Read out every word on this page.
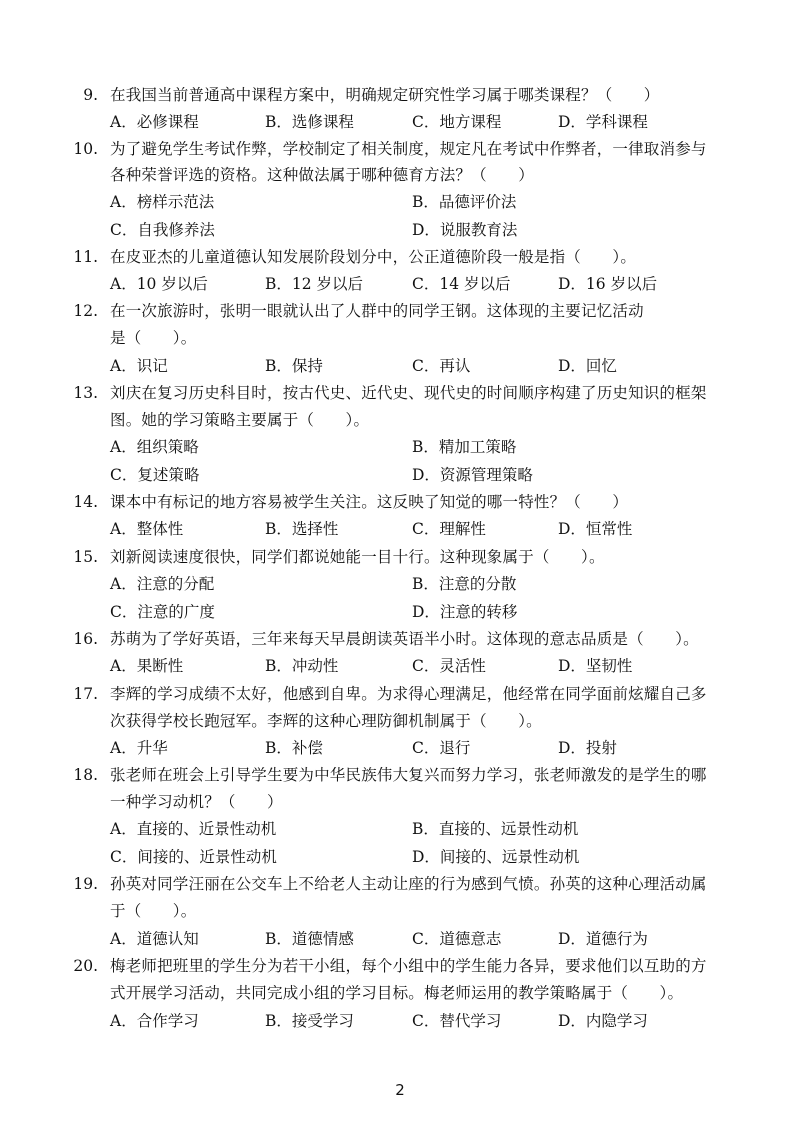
9. 在我国当前普通高中课程方案中，明确规定研究性学习属于哪类课程？（　　）
A．必修课程	B．选修课程	C．地方课程	D．学科课程
10. 为了避免学生考试作弊，学校制定了相关制度，规定凡在考试中作弊者，一律取消参与
各种荣誉评选的资格。这种做法属于哪种德育方法？（　　）
A．榜样示范法	B．品德评价法
C．自我修养法	D．说服教育法
11. 在皮亚杰的儿童道德认知发展阶段划分中，公正道德阶段一般是指（　　）。
A．10 岁以后	B．12 岁以后	C．14 岁以后	D．16 岁以后
12. 在一次旅游时，张明一眼就认出了人群中的同学王钢。这体现的主要记忆活动
是（　　）。
A．识记	B．保持	C．再认	D．回忆
13. 刘庆在复习历史科目时，按古代史、近代史、现代史的时间顺序构建了历史知识的框架
图。她的学习策略主要属于（　　）。
A．组织策略	B．精加工策略
C．复述策略	D．资源管理策略
14. 课本中有标记的地方容易被学生关注。这反映了知觉的哪一特性？（　　）
A．整体性	B．选择性	C．理解性	D．恒常性
15. 刘新阅读速度很快，同学们都说她能一目十行。这种现象属于（　　）。
A．注意的分配	B．注意的分散
C．注意的广度	D．注意的转移
16. 苏萌为了学好英语，三年来每天早晨朗读英语半小时。这体现的意志品质是（　　）。
A．果断性	B．冲动性	C．灵活性	D．坚韧性
17. 李辉的学习成绩不太好，他感到自卑。为求得心理满足，他经常在同学面前炫耀自己多
次获得学校长跑冠军。李辉的这种心理防御机制属于（　　）。
A．升华	B．补偿	C．退行	D．投射
18. 张老师在班会上引导学生要为中华民族伟大复兴而努力学习，张老师激发的是学生的哪
一种学习动机？（　　）
A．直接的、近景性动机	B．直接的、远景性动机
C．间接的、近景性动机	D．间接的、远景性动机
19. 孙英对同学汪丽在公交车上不给老人主动让座的行为感到气愤。孙英的这种心理活动属
于（　　）。
A．道德认知	B．道德情感	C．道德意志	D．道德行为
20. 梅老师把班里的学生分为若干小组，每个小组中的学生能力各异，要求他们以互助的方
式开展学习活动，共同完成小组的学习目标。梅老师运用的教学策略属于（　　）。
A．合作学习	B．接受学习	C．替代学习	D．内隐学习
2
